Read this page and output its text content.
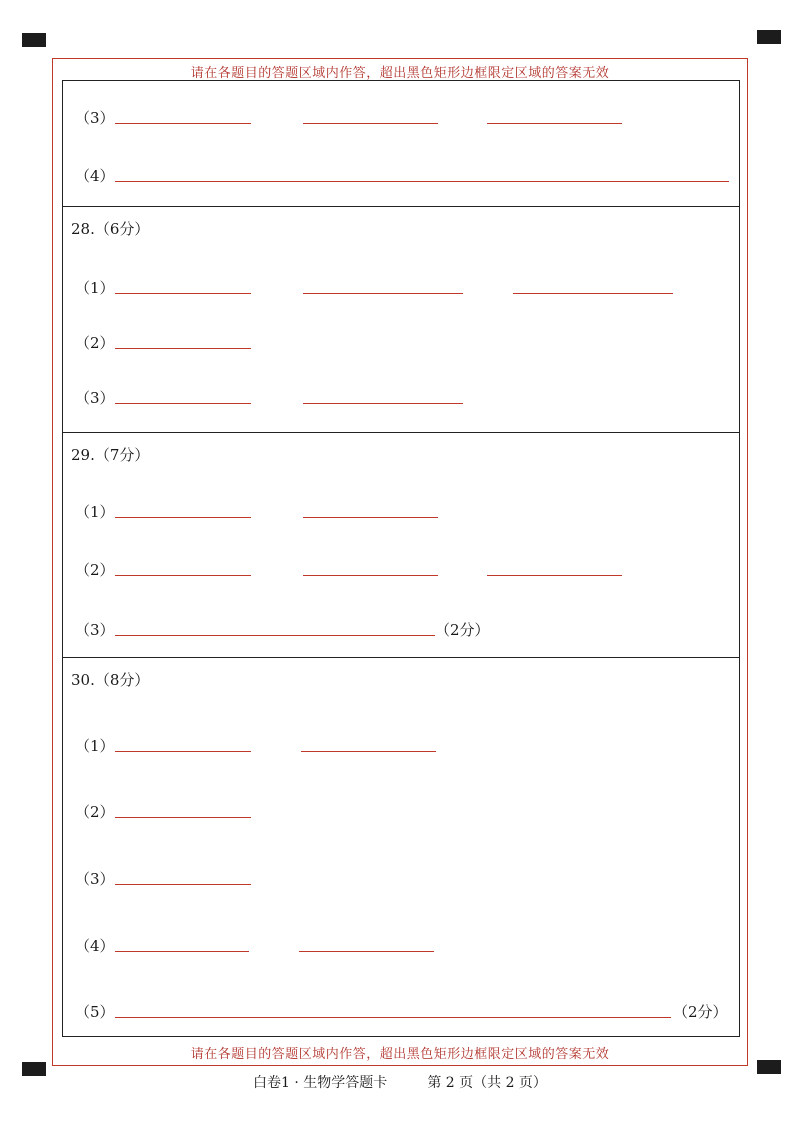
请在各题目的答题区域内作答，超出黑色矩形边框限定区域的答案无效
请在各题目的答题区域内作答，超出黑色矩形边框限定区域的答案无效
（3）
（4）
28.（6分）
（1）
（2）
（3）
29.（7分）
（1）
（2）
（3）	（2分）
30.（8分）
（1）
（2）
（3）
（4）
（5）	（2分）
白卷1 · 生物学答题卡	第 2 页（共 2 页）
